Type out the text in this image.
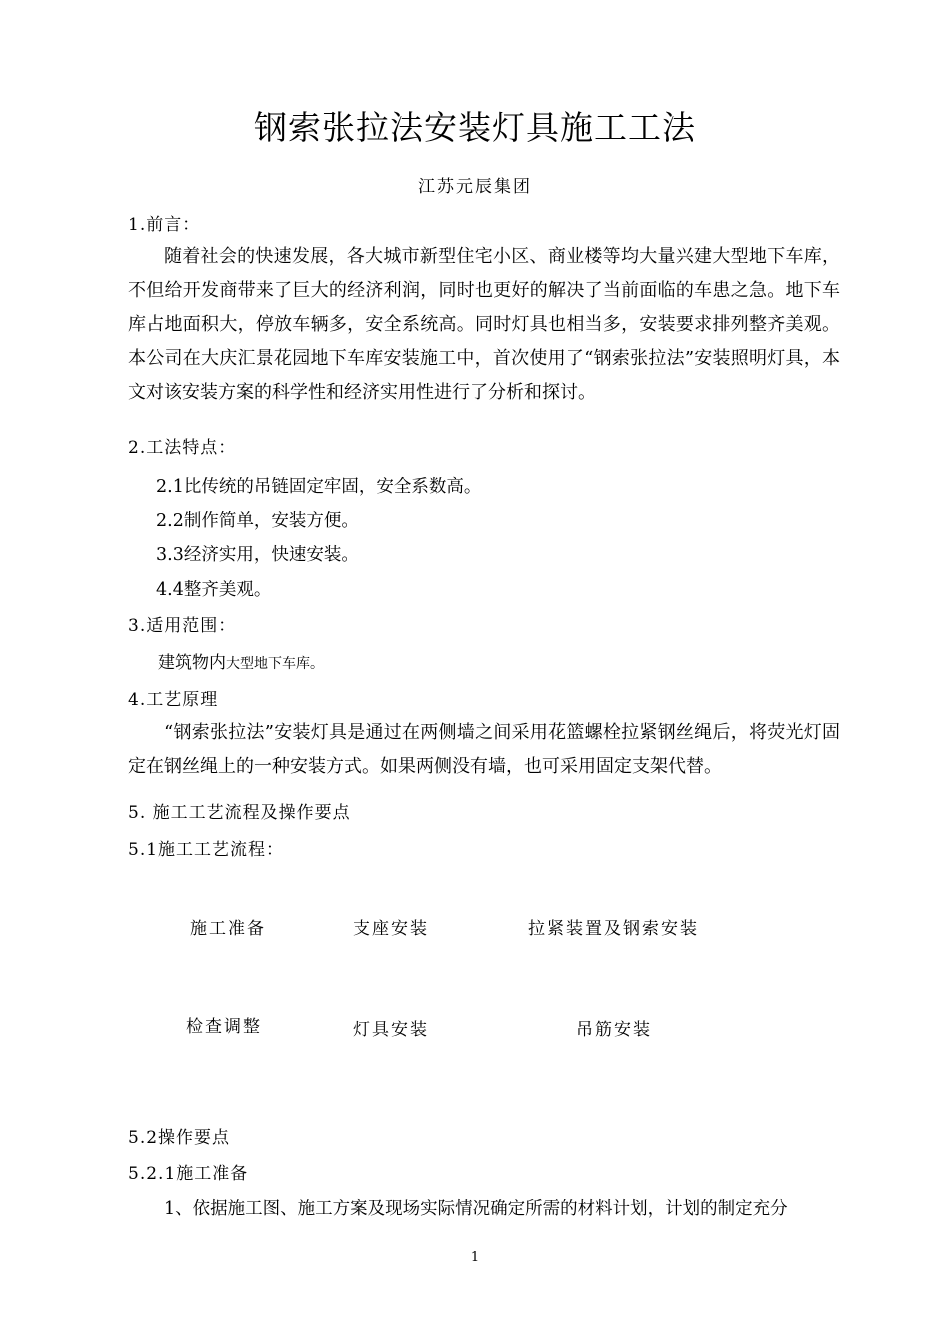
钢索张拉法安装灯具施工工法
江苏元辰集团
1.前言：
随着社会的快速发展，各大城市新型住宅小区、商业楼等均大量兴建大型地下车库，不但给开发商带来了巨大的经济利润，同时也更好的解决了当前面临的车患之急。地下车库占地面积大，停放车辆多，安全系统高。同时灯具也相当多，安装要求排列整齐美观。本公司在大庆汇景花园地下车库安装施工中，首次使用了“钢索张拉法”安装照明灯具，本文对该安装方案的科学性和经济实用性进行了分析和探讨。
2.工法特点：
2.1比传统的吊链固定牢固，安全系数高。
2.2制作简单，安装方便。
3.3经济实用，快速安装。
4.4整齐美观。
3.适用范围：
建筑物内大型地下车库。
4.工艺原理
“钢索张拉法”安装灯具是通过在两侧墙之间采用花篮螺栓拉紧钢丝绳后，将荧光灯固定在钢丝绳上的一种安装方式。如果两侧没有墙，也可采用固定支架代替。
5. 施工工艺流程及操作要点
5.1施工工艺流程：
施工准备	支座安装	拉紧装置及钢索安装
检查调整	灯具安装	吊筋安装
5.2操作要点
5.2.1施工准备
1、依据施工图、施工方案及现场实际情况确定所需的材料计划，计划的制定充分
1
